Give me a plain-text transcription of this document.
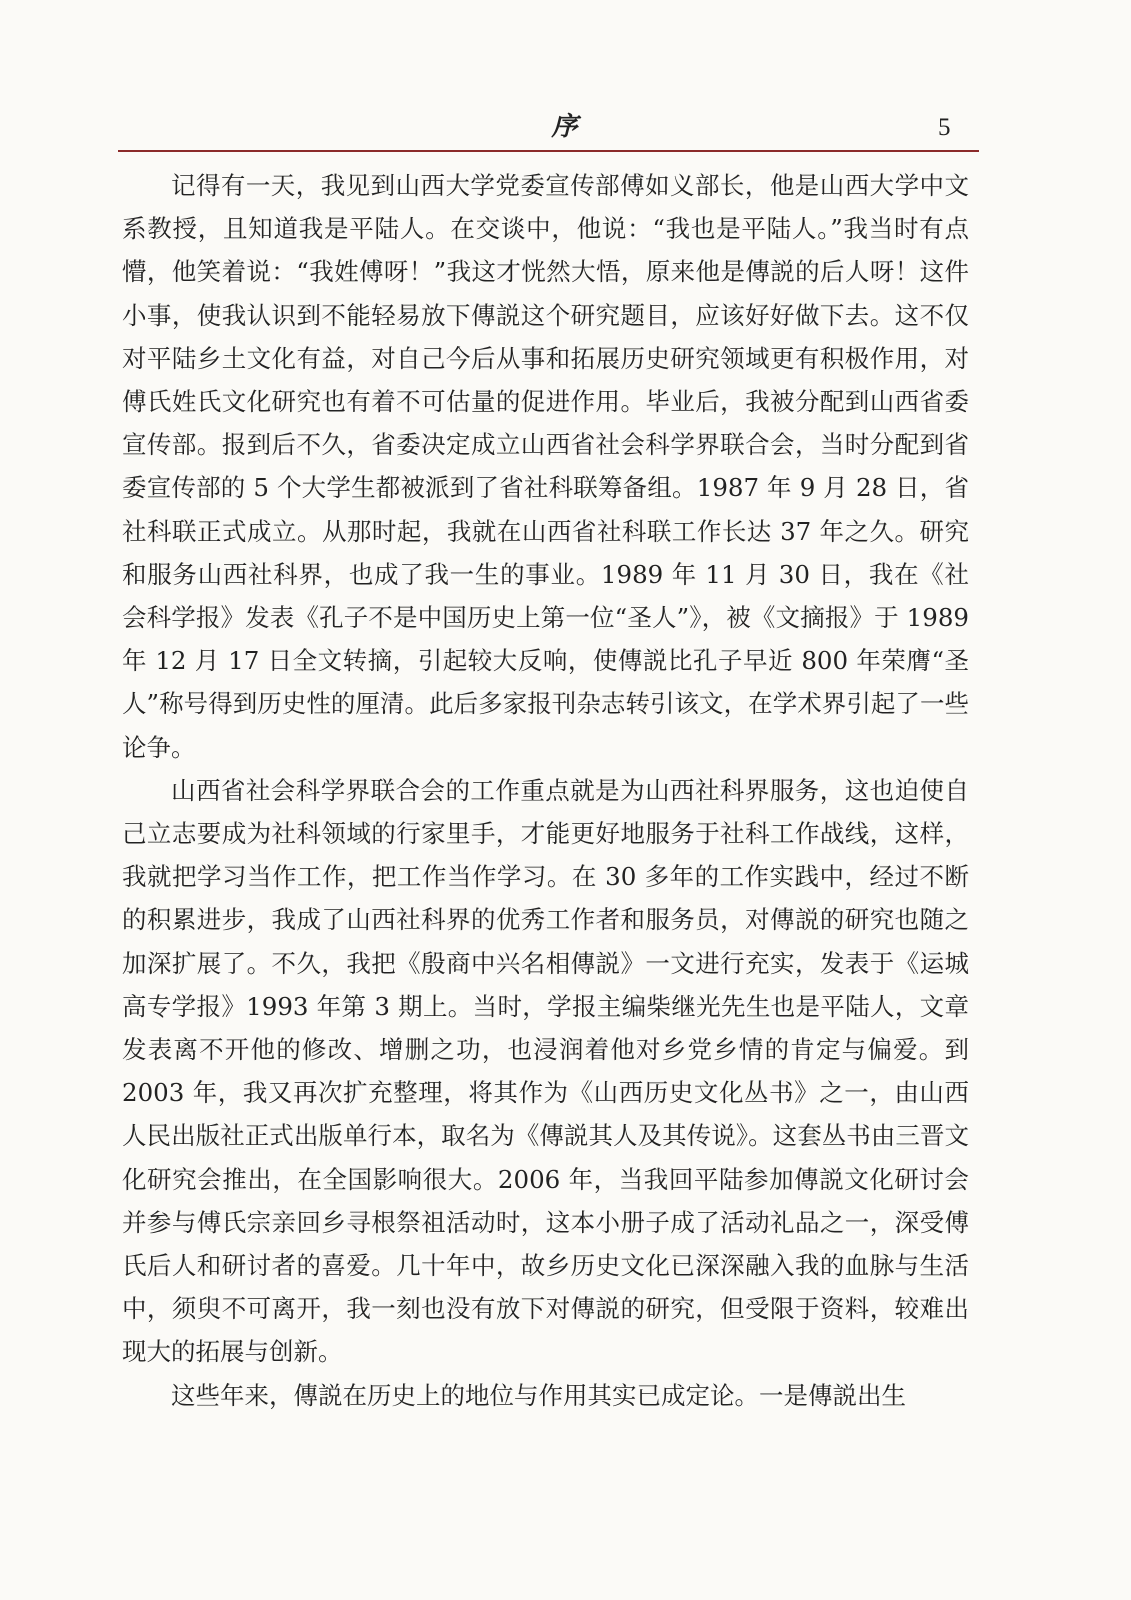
序	5

记得有一天，我见到山西大学党委宣传部傅如义部长，他是山西大学中文系教授，且知道我是平陆人。在交谈中，他说：“我也是平陆人。”我当时有点懵，他笑着说：“我姓傅呀！”我这才恍然大悟，原来他是傳説的后人呀！这件小事，使我认识到不能轻易放下傳説这个研究题目，应该好好做下去。这不仅对平陆乡土文化有益，对自己今后从事和拓展历史研究领域更有积极作用，对傅氏姓氏文化研究也有着不可估量的促进作用。毕业后，我被分配到山西省委宣传部。报到后不久，省委决定成立山西省社会科学界联合会，当时分配到省委宣传部的 5 个大学生都被派到了省社科联筹备组。1987 年 9 月 28 日，省社科联正式成立。从那时起，我就在山西省社科联工作长达 37 年之久。研究和服务山西社科界，也成了我一生的事业。1989 年 11 月 30 日，我在《社会科学报》发表《孔子不是中国历史上第一位“圣人”》，被《文摘报》于 1989 年 12 月 17 日全文转摘，引起较大反响，使傳説比孔子早近 800 年荣膺“圣人”称号得到历史性的厘清。此后多家报刊杂志转引该文，在学术界引起了一些论争。

山西省社会科学界联合会的工作重点就是为山西社科界服务，这也迫使自己立志要成为社科领域的行家里手，才能更好地服务于社科工作战线，这样，我就把学习当作工作，把工作当作学习。在 30 多年的工作实践中，经过不断的积累进步，我成了山西社科界的优秀工作者和服务员，对傳説的研究也随之加深扩展了。不久，我把《殷商中兴名相傳説》一文进行充实，发表于《运城高专学报》1993 年第 3 期上。当时，学报主编柴继光先生也是平陆人，文章发表离不开他的修改、增删之功，也浸润着他对乡党乡情的肯定与偏爱。到 2003 年，我又再次扩充整理，将其作为《山西历史文化丛书》之一，由山西人民出版社正式出版单行本，取名为《傳説其人及其传说》。这套丛书由三晋文化研究会推出，在全国影响很大。2006 年，当我回平陆参加傳説文化研讨会并参与傅氏宗亲回乡寻根祭祖活动时，这本小册子成了活动礼品之一，深受傅氏后人和研讨者的喜爱。几十年中，故乡历史文化已深深融入我的血脉与生活中，须臾不可离开，我一刻也没有放下对傳説的研究，但受限于资料，较难出现大的拓展与创新。

这些年来，傳説在历史上的地位与作用其实已成定论。一是傳説出生
